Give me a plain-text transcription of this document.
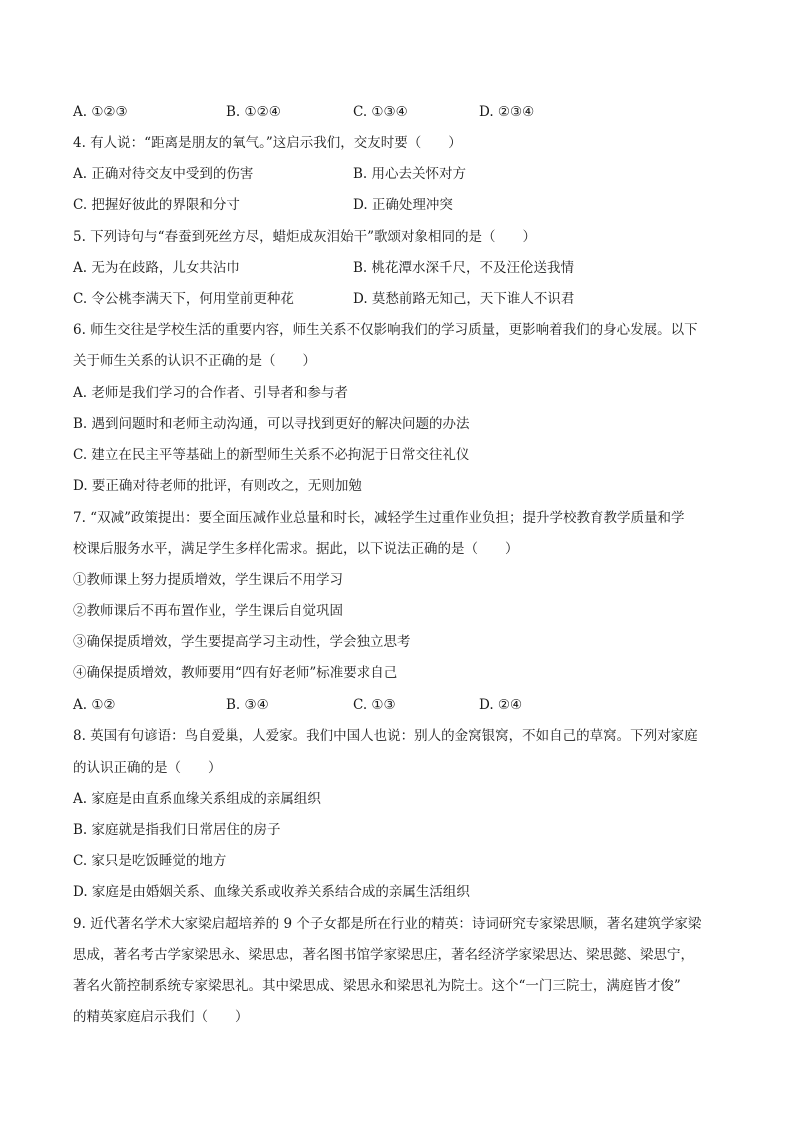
A. ①②③	B. ①②④	C. ①③④	D. ②③④
4. 有人说：“距离是朋友的氧气。”这启示我们，交友时要（　　）
A. 正确对待交友中受到的伤害	B. 用心去关怀对方
C. 把握好彼此的界限和分寸	D. 正确处理冲突
5. 下列诗句与“春蚕到死丝方尽，蜡炬成灰泪始干”歌颂对象相同的是（　　）
A. 无为在歧路，儿女共沾巾	B. 桃花潭水深千尺，不及汪伦送我情
C. 令公桃李满天下，何用堂前更种花	D. 莫愁前路无知己，天下谁人不识君
6. 师生交往是学校生活的重要内容，师生关系不仅影响我们的学习质量，更影响着我们的身心发展。以下
关于师生关系的认识不正确的是（　　）
A. 老师是我们学习的合作者、引导者和参与者
B. 遇到问题时和老师主动沟通，可以寻找到更好的解决问题的办法
C. 建立在民主平等基础上的新型师生关系不必拘泥于日常交往礼仪
D. 要正确对待老师的批评，有则改之，无则加勉
7. “双减”政策提出：要全面压减作业总量和时长，减轻学生过重作业负担；提升学校教育教学质量和学
校课后服务水平，满足学生多样化需求。据此，以下说法正确的是（　　）
①教师课上努力提质增效，学生课后不用学习
②教师课后不再布置作业，学生课后自觉巩固
③确保提质增效，学生要提高学习主动性，学会独立思考
④确保提质增效，教师要用“四有好老师”标准要求自己
A. ①②	B. ③④	C. ①③	D. ②④
8. 英国有句谚语：鸟自爱巢，人爱家。我们中国人也说：别人的金窝银窝，不如自己的草窝。下列对家庭
的认识正确的是（　　）
A. 家庭是由直系血缘关系组成的亲属组织
B. 家庭就是指我们日常居住的房子
C. 家只是吃饭睡觉的地方
D. 家庭是由婚姻关系、血缘关系或收养关系结合成的亲属生活组织
9. 近代著名学术大家梁启超培养的 9 个子女都是所在行业的精英：诗词研究专家梁思顺，著名建筑学家梁
思成，著名考古学家梁思永、梁思忠，著名图书馆学家梁思庄，著名经济学家梁思达、梁思懿、梁思宁，
著名火箭控制系统专家梁思礼。其中梁思成、梁思永和梁思礼为院士。这个“一门三院士，满庭皆才俊”
的精英家庭启示我们（　　）
